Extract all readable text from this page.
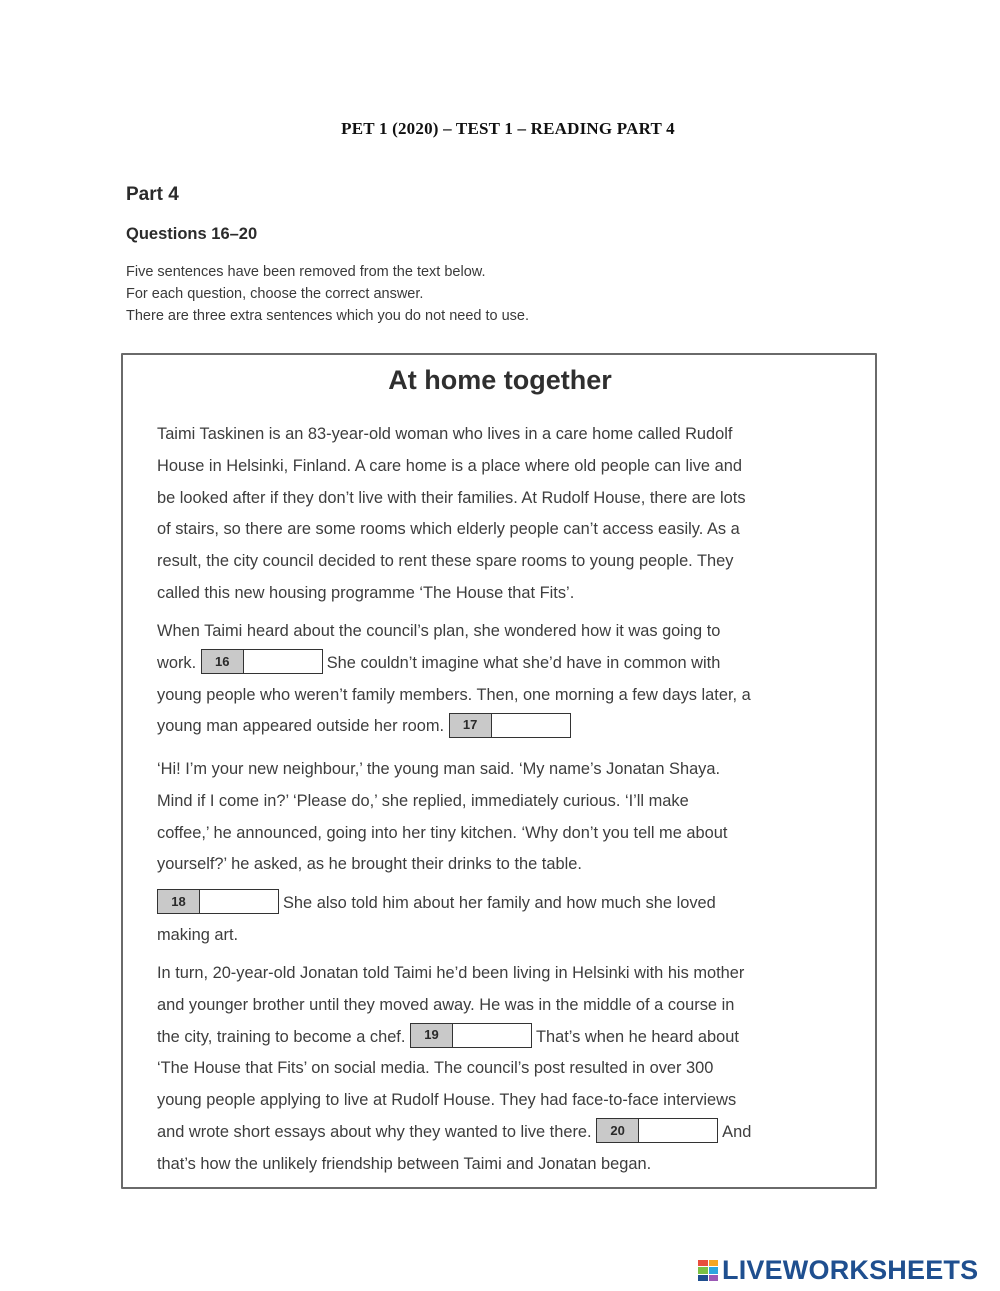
PET 1 (2020) – TEST 1 – READING PART 4
Part 4
Questions 16–20
Five sentences have been removed from the text below.
For each question, choose the correct answer.
There are three extra sentences which you do not need to use.
At home together

Taimi Taskinen is an 83-year-old woman who lives in a care home called Rudolf
House in Helsinki, Finland. A care home is a place where old people can live and
be looked after if they don’t live with their families. At Rudolf House, there are lots
of stairs, so there are some rooms which elderly people can’t access easily. As a
result, the city council decided to rent these spare rooms to young people. They
called this new housing programme ‘The House that Fits’.

When Taimi heard about the council’s plan, she wondered how it was going to
work.	16	She couldn’t imagine what she’d have in common with
young people who weren’t family members. Then, one morning a few days later, a
young man appeared outside her room.	17

‘Hi! I’m your new neighbour,’ the young man said. ‘My name’s Jonatan Shaya.
Mind if I come in?’ ‘Please do,’ she replied, immediately curious. ‘I’ll make
coffee,’ he announced, going into her tiny kitchen. ‘Why don’t you tell me about
yourself?’ he asked, as he brought their drinks to the table.

18	She also told him about her family and how much she loved
making art.

In turn, 20-year-old Jonatan told Taimi he’d been living in Helsinki with his mother
and younger brother until they moved away. He was in the middle of a course in
the city, training to become a chef.	19	That’s when he heard about
‘The House that Fits’ on social media. The council’s post resulted in over 300
young people applying to live at Rudolf House. They had face-to-face interviews
and wrote short essays about why they wanted to live there.	20	And
that’s how the unlikely friendship between Taimi and Jonatan began.

LIVEWORKSHEETS
